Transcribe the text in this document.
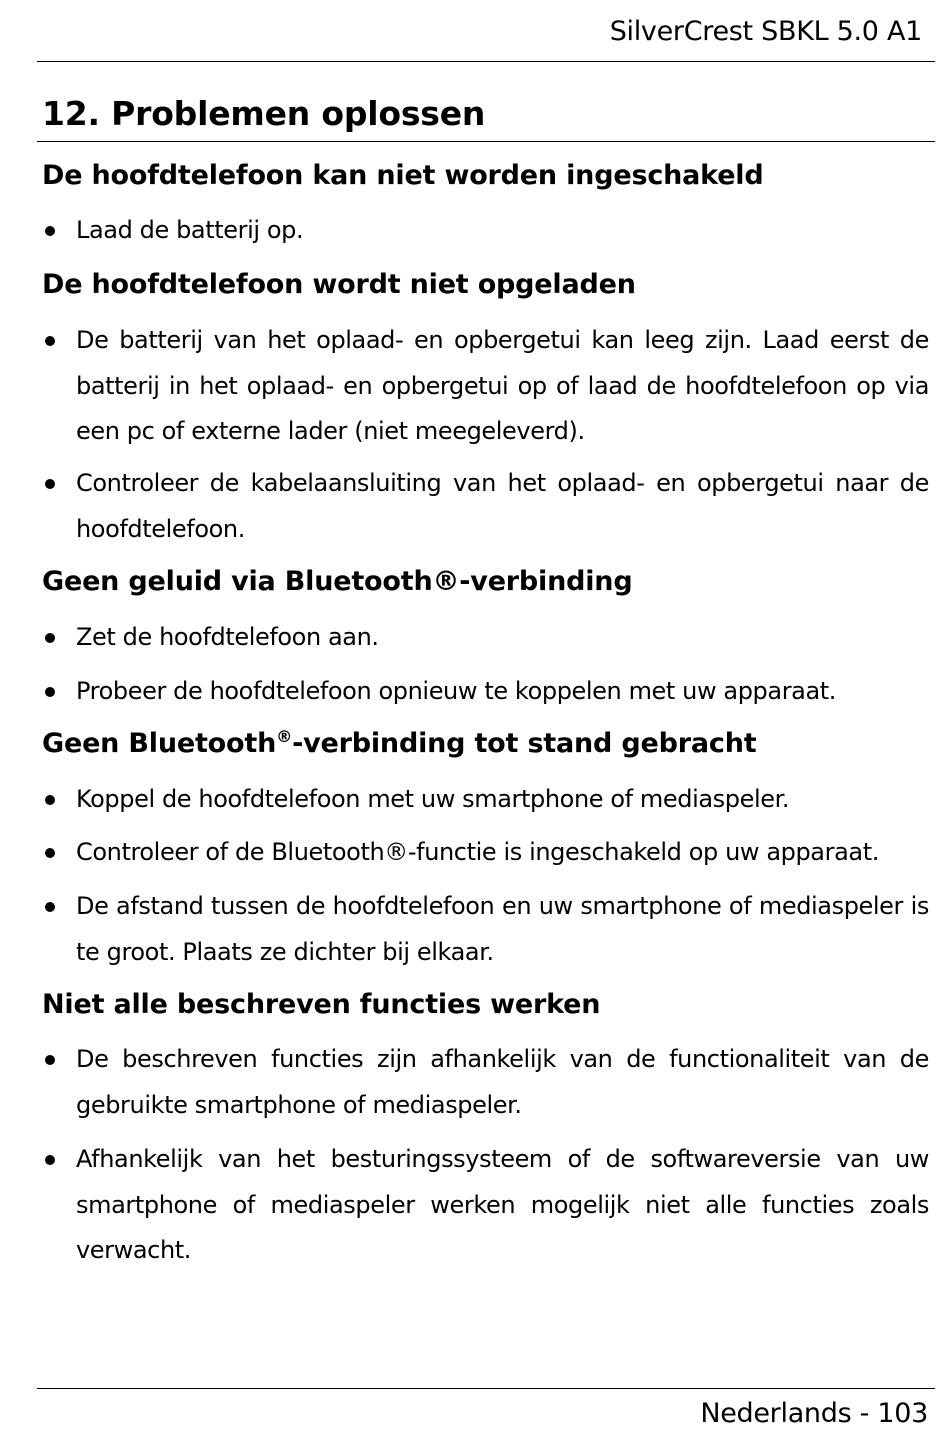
SilverCrest SBKL 5.0 A1
12. Problemen oplossen
De hoofdtelefoon kan niet worden ingeschakeld
Laad de batterij op.
De hoofdtelefoon wordt niet opgeladen
De batterij van het oplaad- en opbergetui kan leeg zijn. Laad eerst de batterij in het oplaad- en opbergetui op of laad de hoofdtelefoon op via een pc of externe lader (niet meegeleverd).
Controleer de kabelaansluiting van het oplaad- en opbergetui naar de hoofdtelefoon.
Geen geluid via Bluetooth®-verbinding
Zet de hoofdtelefoon aan.
Probeer de hoofdtelefoon opnieuw te koppelen met uw apparaat.
Geen Bluetooth®-verbinding tot stand gebracht
Koppel de hoofdtelefoon met uw smartphone of mediaspeler.
Controleer of de Bluetooth®-functie is ingeschakeld op uw apparaat.
De afstand tussen de hoofdtelefoon en uw smartphone of mediaspeler is te groot. Plaats ze dichter bij elkaar.
Niet alle beschreven functies werken
De beschreven functies zijn afhankelijk van de functionaliteit van de gebruikte smartphone of mediaspeler.
Afhankelijk van het besturingssysteem of de softwareversie van uw smartphone of mediaspeler werken mogelijk niet alle functies zoals verwacht.
Nederlands - 103
